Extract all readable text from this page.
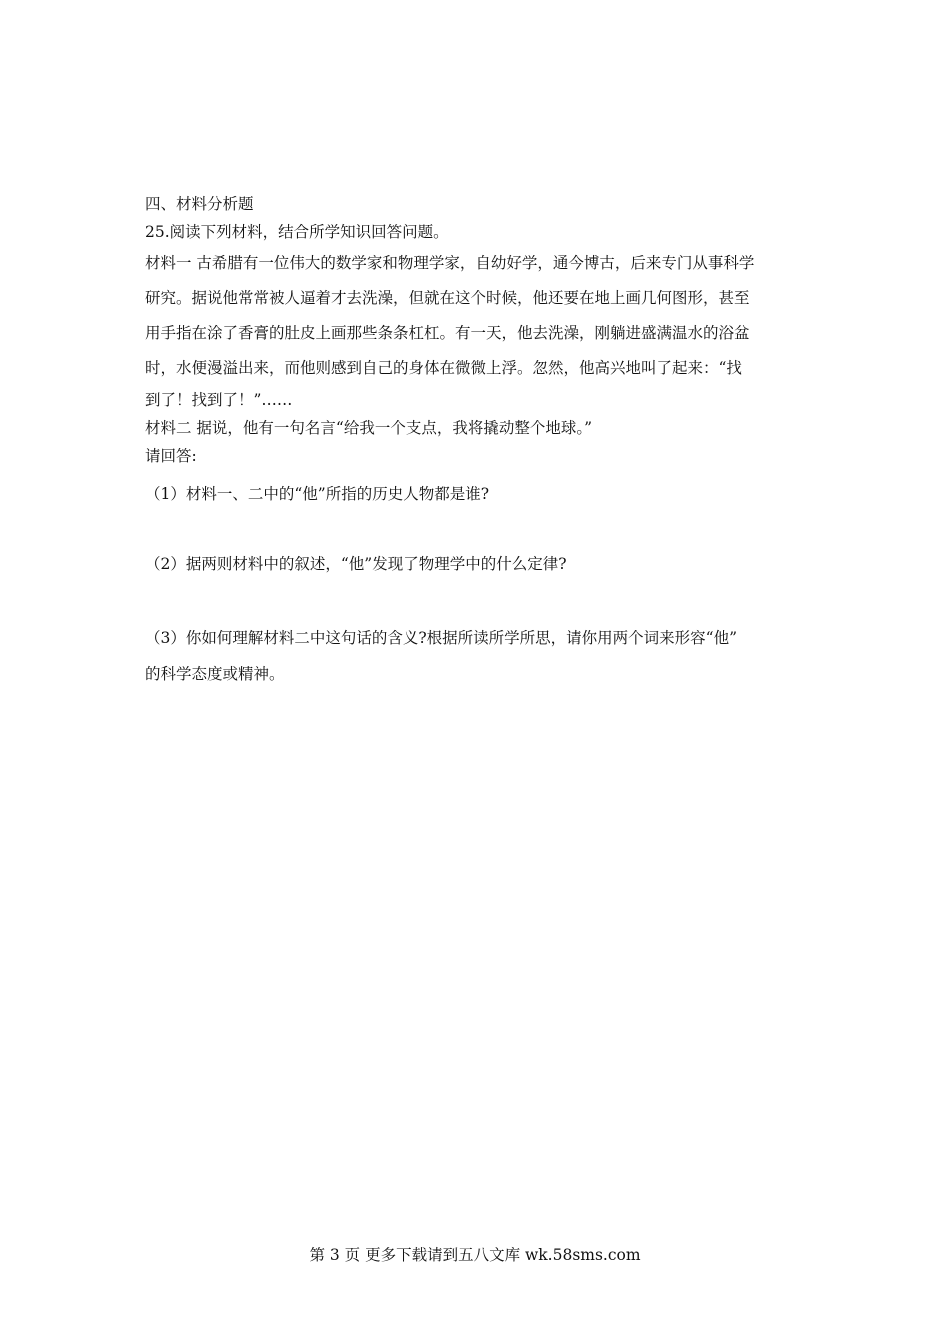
四、材料分析题
25.阅读下列材料，结合所学知识回答问题。
材料一 古希腊有一位伟大的数学家和物理学家，自幼好学，通今博古，后来专门从事科学
研究。据说他常常被人逼着才去洗澡，但就在这个时候，他还要在地上画几何图形，甚至
用手指在涂了香膏的肚皮上画那些条条杠杠。有一天，他去洗澡，刚躺进盛满温水的浴盆
时，水便漫溢出来，而他则感到自己的身体在微微上浮。忽然，他高兴地叫了起来：“找
到了！找到了！”……
材料二 据说，他有一句名言“给我一个支点，我将撬动整个地球。”
请回答:
（1）材料一、二中的“他”所指的历史人物都是谁?
（2）据两则材料中的叙述，“他”发现了物理学中的什么定律?
（3）你如何理解材料二中这句话的含义?根据所读所学所思，请你用两个词来形容“他”
的科学态度或精神。
第 3 页 更多下载请到五八文库 wk.58sms.com
